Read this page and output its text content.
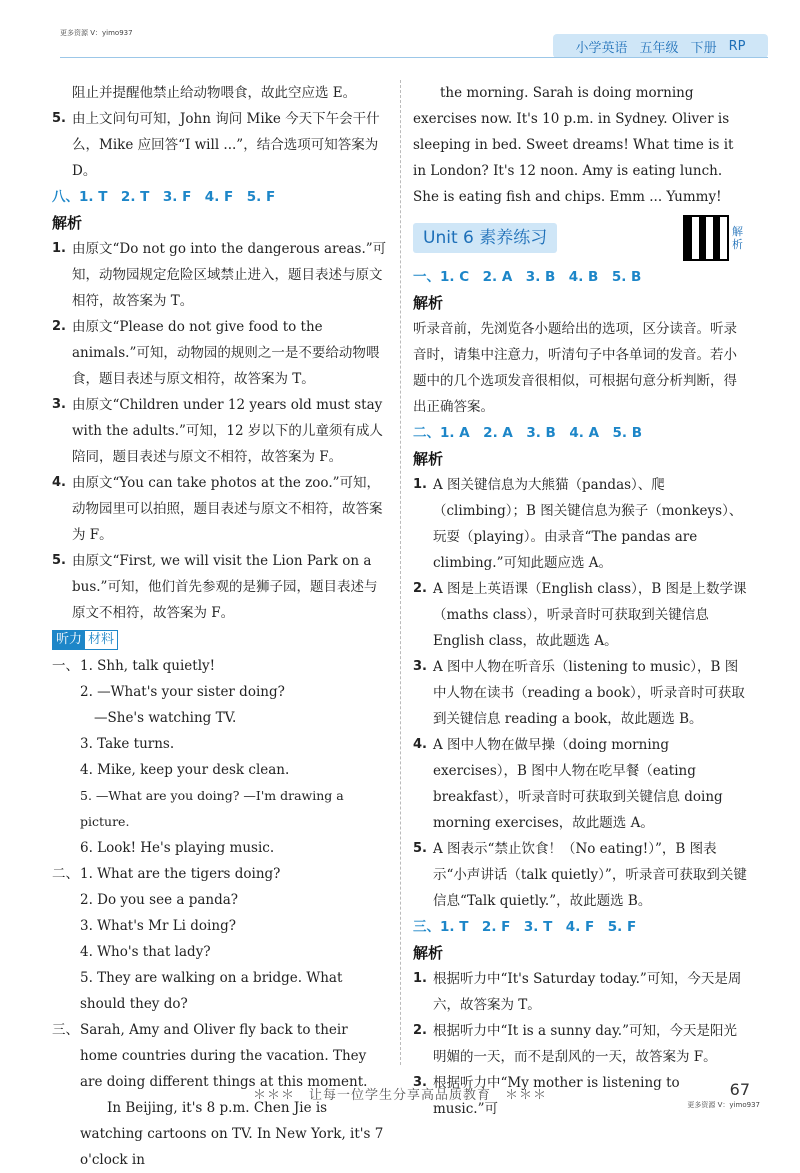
更多资源 V：yimo937
小学英语 五年级 下册 RP

阻止并提醒他禁止给动物喂食，故此空应选 E。

5. 由上文问句可知，John 询问 Mike 今天下午会干什么，Mike 应回答“I will ...”，结合选项可知答案为 D。

八、1. T　2. T　3. F　4. F　5. F

解析

1. 由原文“Do not go into the dangerous areas.”可知，动物园规定危险区域禁止进入，题目表述与原文相符，故答案为 T。

2. 由原文“Please do not give food to the animals.”可知，动物园的规则之一是不要给动物喂食，题目表述与原文相符，故答案为 T。

3. 由原文“Children under 12 years old must stay with the adults.”可知，12 岁以下的儿童须有成人陪同，题目表述与原文不相符，故答案为 F。

4. 由原文“You can take photos at the zoo.”可知，动物园里可以拍照，题目表述与原文不相符，故答案为 F。

5. 由原文“First, we will visit the Lion Park on a bus.”可知，他们首先参观的是狮子园，题目表述与原文不相符，故答案为 F。

听力 材料
一、 1. Shh, talk quietly!

2. —What's your sister doing?

—She's watching TV.

3. Take turns.

4. Mike, keep your desk clean.

5. —What are you doing? —I'm drawing a picture.

6. Look! He's playing music.

二、 1. What are the tigers doing?

2. Do you see a panda?

3. What's Mr Li doing?

4. Who's that lady?

5. They are walking on a bridge. What should they do?

三、 Sarah, Amy and Oliver fly back to their home countries during the vacation. They are doing different things at this moment.

In Beijing, it's 8 p.m. Chen Jie is watching cartoons on TV. In New York, it's 7 o'clock in

the morning. Sarah is doing morning exercises now. It's 10 p.m. in Sydney. Oliver is sleeping in bed. Sweet dreams! What time is it in London? It's 12 noon. Amy is eating lunch. She is eating fish and chips. Emm ... Yummy!

Unit 6 素养练习	解析

一、1. C　2. A　3. B　4. B　5. B

解析

听录音前，先浏览各小题给出的选项，区分读音。听录音时，请集中注意力，听清句子中各单词的发音。若小题中的几个选项发音很相似，可根据句意分析判断，得出正确答案。

二、1. A　2. A　3. B　4. A　5. B

解析

1. A 图关键信息为大熊猫（pandas）、爬（climbing）；B 图关键信息为猴子（monkeys）、玩耍（playing）。由录音“The pandas are climbing.”可知此题应选 A。

2. A 图是上英语课（English class），B 图是上数学课（maths class），听录音时可获取到关键信息 English class，故此题选 A。

3. A 图中人物在听音乐（listening to music），B 图中人物在读书（reading a book），听录音时可获取到关键信息 reading a book，故此题选 B。

4. A 图中人物在做早操（doing morning exercises），B 图中人物在吃早餐（eating breakfast），听录音时可获取到关键信息 doing morning exercises，故此题选 A。

5. A 图表示“禁止饮食！（No eating!）”，B 图表示“小声讲话（talk quietly）”，听录音可获取到关键信息“Talk quietly.”，故此题选 B。

三、1. T　2. F　3. T　4. F　5. F

解析

1. 根据听力中“It's Saturday today.”可知，今天是周六，故答案为 T。

2. 根据听力中“It is a sunny day.”可知，今天是阳光明媚的一天，而不是刮风的一天，故答案为 F。

3. 根据听力中“My mother is listening to music.”可

＊＊＊　让每一位学生分享高品质教育　＊＊＊	67
更多资源 V：yimo937
